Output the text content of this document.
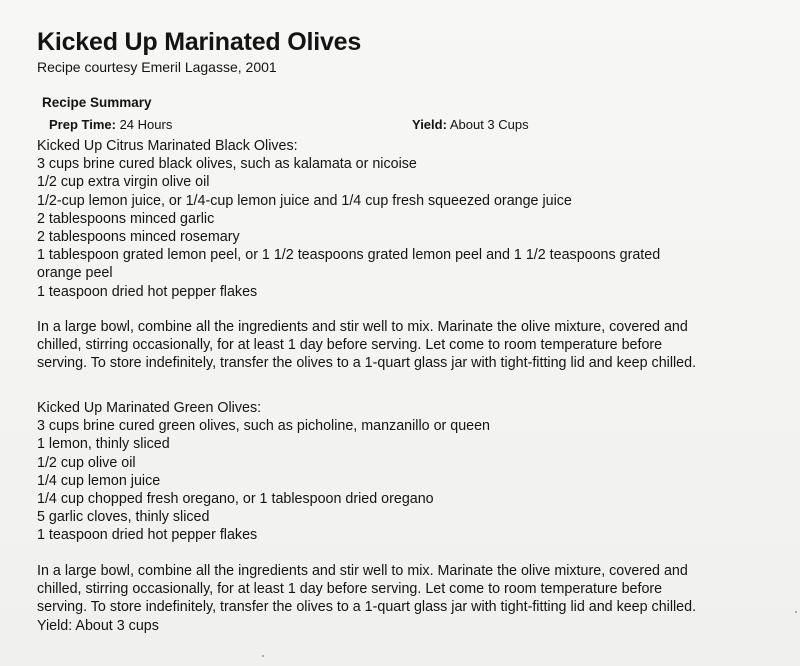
Kicked Up Marinated Olives
Recipe courtesy Emeril Lagasse, 2001
Recipe Summary
Prep Time: 24 Hours	Yield: About 3 Cups
Kicked Up Citrus Marinated Black Olives:
3 cups brine cured black olives, such as kalamata or nicoise
1/2 cup extra virgin olive oil
1/2-cup lemon juice, or 1/4-cup lemon juice and 1/4 cup fresh squeezed orange juice
2 tablespoons minced garlic
2 tablespoons minced rosemary
1 tablespoon grated lemon peel, or 1 1/2 teaspoons grated lemon peel and 1 1/2 teaspoons grated
orange peel
1 teaspoon dried hot pepper flakes
In a large bowl, combine all the ingredients and stir well to mix. Marinate the olive mixture, covered and
chilled, stirring occasionally, for at least 1 day before serving. Let come to room temperature before
serving. To store indefinitely, transfer the olives to a 1-quart glass jar with tight-fitting lid and keep chilled.
Kicked Up Marinated Green Olives:
3 cups brine cured green olives, such as picholine, manzanillo or queen
1 lemon, thinly sliced
1/2 cup olive oil
1/4 cup lemon juice
1/4 cup chopped fresh oregano, or 1 tablespoon dried oregano
5 garlic cloves, thinly sliced
1 teaspoon dried hot pepper flakes
In a large bowl, combine all the ingredients and stir well to mix. Marinate the olive mixture, covered and
chilled, stirring occasionally, for at least 1 day before serving. Let come to room temperature before
serving. To store indefinitely, transfer the olives to a 1-quart glass jar with tight-fitting lid and keep chilled.
Yield: About 3 cups
